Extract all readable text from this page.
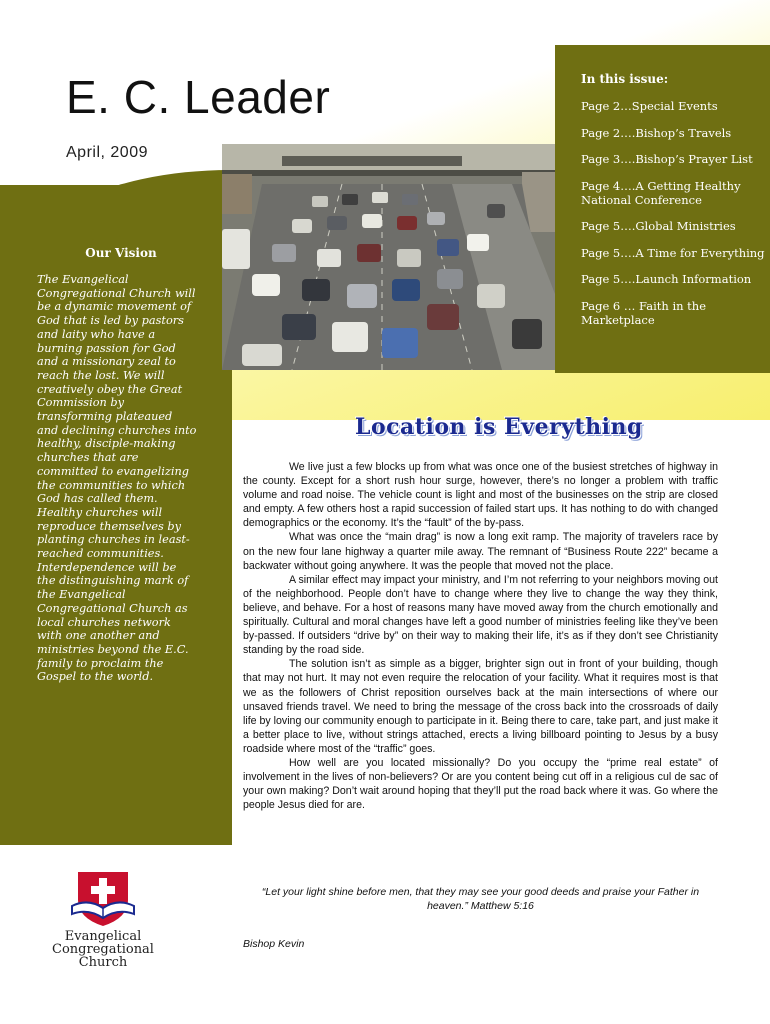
E. C. Leader
April, 2009
In this issue:
Page 2…Special Events
Page 2….Bishop’s Travels
Page 3….Bishop’s Prayer List
Page 4….A Getting Healthy National Conference
Page 5….Global Ministries
Page 5….A Time for Everything
Page 5….Launch Information
Page 6 … Faith in the Marketplace
Our Vision
The Evangelical Congregational Church will be a dynamic movement of God that is led by pastors and laity who have a burning passion for God and a missionary zeal to reach the lost. We will creatively obey the Great Commission by transforming plateaued and declining churches into healthy, disciple-making churches that are committed to evangelizing the communities to which God has called them. Healthy churches will reproduce themselves by planting churches in least-reached communities. Interdependence will be the distinguishing mark of the Evangelical Congregational Church as local churches network with one another and ministries beyond the E.C. family to proclaim the Gospel to the world.
Location is Everything

We live just a few blocks up from what was once one of the busiest stretches of highway in the county. Except for a short rush hour surge, however, there’s no longer a problem with traffic volume and road noise. The vehicle count is light and most of the businesses on the strip are closed and empty. A few others host a rapid succession of failed start ups. It has nothing to do with changed demographics or the economy. It’s the “fault” of the by-pass.

What was once the “main drag” is now a long exit ramp. The majority of travelers race by on the new four lane highway a quarter mile away. The remnant of “Business Route 222” became a backwater without going anywhere. It was the people that moved not the place.

A similar effect may impact your ministry, and I’m not referring to your neighbors moving out of the neighborhood. People don’t have to change where they live to change the way they think, believe, and behave. For a host of reasons many have moved away from the church emotionally and spiritually. Cultural and moral changes have left a good number of ministries feeling like they’ve been by-passed. If outsiders “drive by” on their way to making their life, it’s as if they don’t see Christianity standing by the road side.

The solution isn’t as simple as a bigger, brighter sign out in front of your building, though that may not hurt. It may not even require the relocation of your facility. What it requires most is that we as the followers of Christ reposition ourselves back at the main intersections of where our unsaved friends travel. We need to bring the message of the cross back into the crossroads of daily life by loving our community enough to participate in it. Being there to care, take part, and just make it a better place to live, without strings attached, erects a living billboard pointing to Jesus by a busy roadside where most of the “traffic” goes.

How well are you located missionally? Do you occupy the “prime real estate” of involvement in the lives of non-believers? Or are you content being cut off in a religious cul de sac of your own making? Don’t wait around hoping that they’ll put the road back where it was. Go where the people Jesus died for are.

“Let your light shine before men, that they may see your good deeds and praise your Father in heaven.” Matthew 5:16
Bishop Kevin
Evangelical
Congregational
Church
